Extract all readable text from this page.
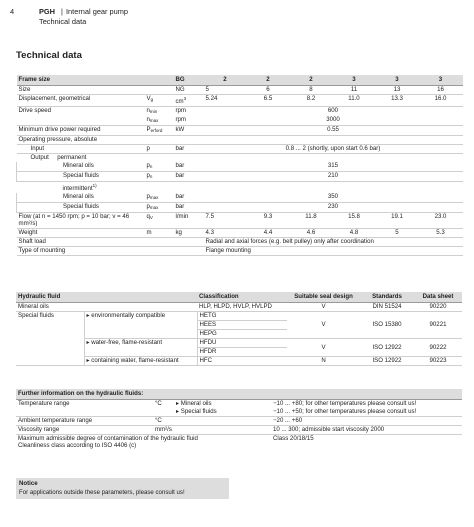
4	PGH | Internal gear pump
Technical data
Technical data
Frame size		BG	2	2	2	3	3	3
Size		NG	5	6	8	11	13	16
Displacement, geometrical	$V_g$	$cm^3$	5.24	6.5	8.2	11.0	13.3	16.0
Drive speed	$n_{min}$	rpm	600					
	$n_{max}$	rpm	3000					
Minimum drive power required	$P_{erford}$	kW	0.55					
Operating pressure, absolute								
Input	p	bar	0.8 ... 2 (shortly, upon start 0.6 bar)					
Output permanent								
Mineral oils	$p_n$	bar	315					
Special fluids	$p_n$	bar	210					
intermittent$^{1)}$	
Mineral oils	$p_{max}$	bar	350					
Special fluids	$p_{max}$	bar	230					
Flow (at n = 1450 rpm; p = 10 bar; v = 46 mm²/s)	$q_V$	l/min	7.5	9.3	11.8	15.8	19.1	23.0
Weight	m	kg	4.3	4.4	4.6	4.8	5	5.3
Shaft load			Radial and axial forces (e.g. belt pulley) only after coordination					
Type of mounting			Flange mounting					
Hydraulic fluid		Classification	Suitable seal design	Standards	Data sheet
Mineral oils		HLP, HLPD, HVLP, HVLPD	V	DIN 51524	90220
Special fluids	▸ environmentally compatible	HETG	V	ISO 15380	90221
		HEES			
		HEPG			
	▸ water-free, flame-resistant	HFDU	V	ISO 12922	90222
		HFDR			
	▸ containing water, flame-resistant	HFC	N	ISO 12922	90223
Further information on the hydraulic fluids:			
Temperature range	°C	▸ Mineral oils	−10 ... +80; for other temperatures please consult us!
		▸ Special fluids	−10 ... +50; for other temperatures please consult us!
Ambient temperature range	°C		−20 ... +60
Viscosity range	mm²/s		10 ... 300; admissible start viscosity 2000
Maximum admissible degree of contamination of the hydraulic fluid Cleanliness class according to ISO 4406 (c)			Class 20/18/15
Notice
For applications outside these parameters, please consult us!
